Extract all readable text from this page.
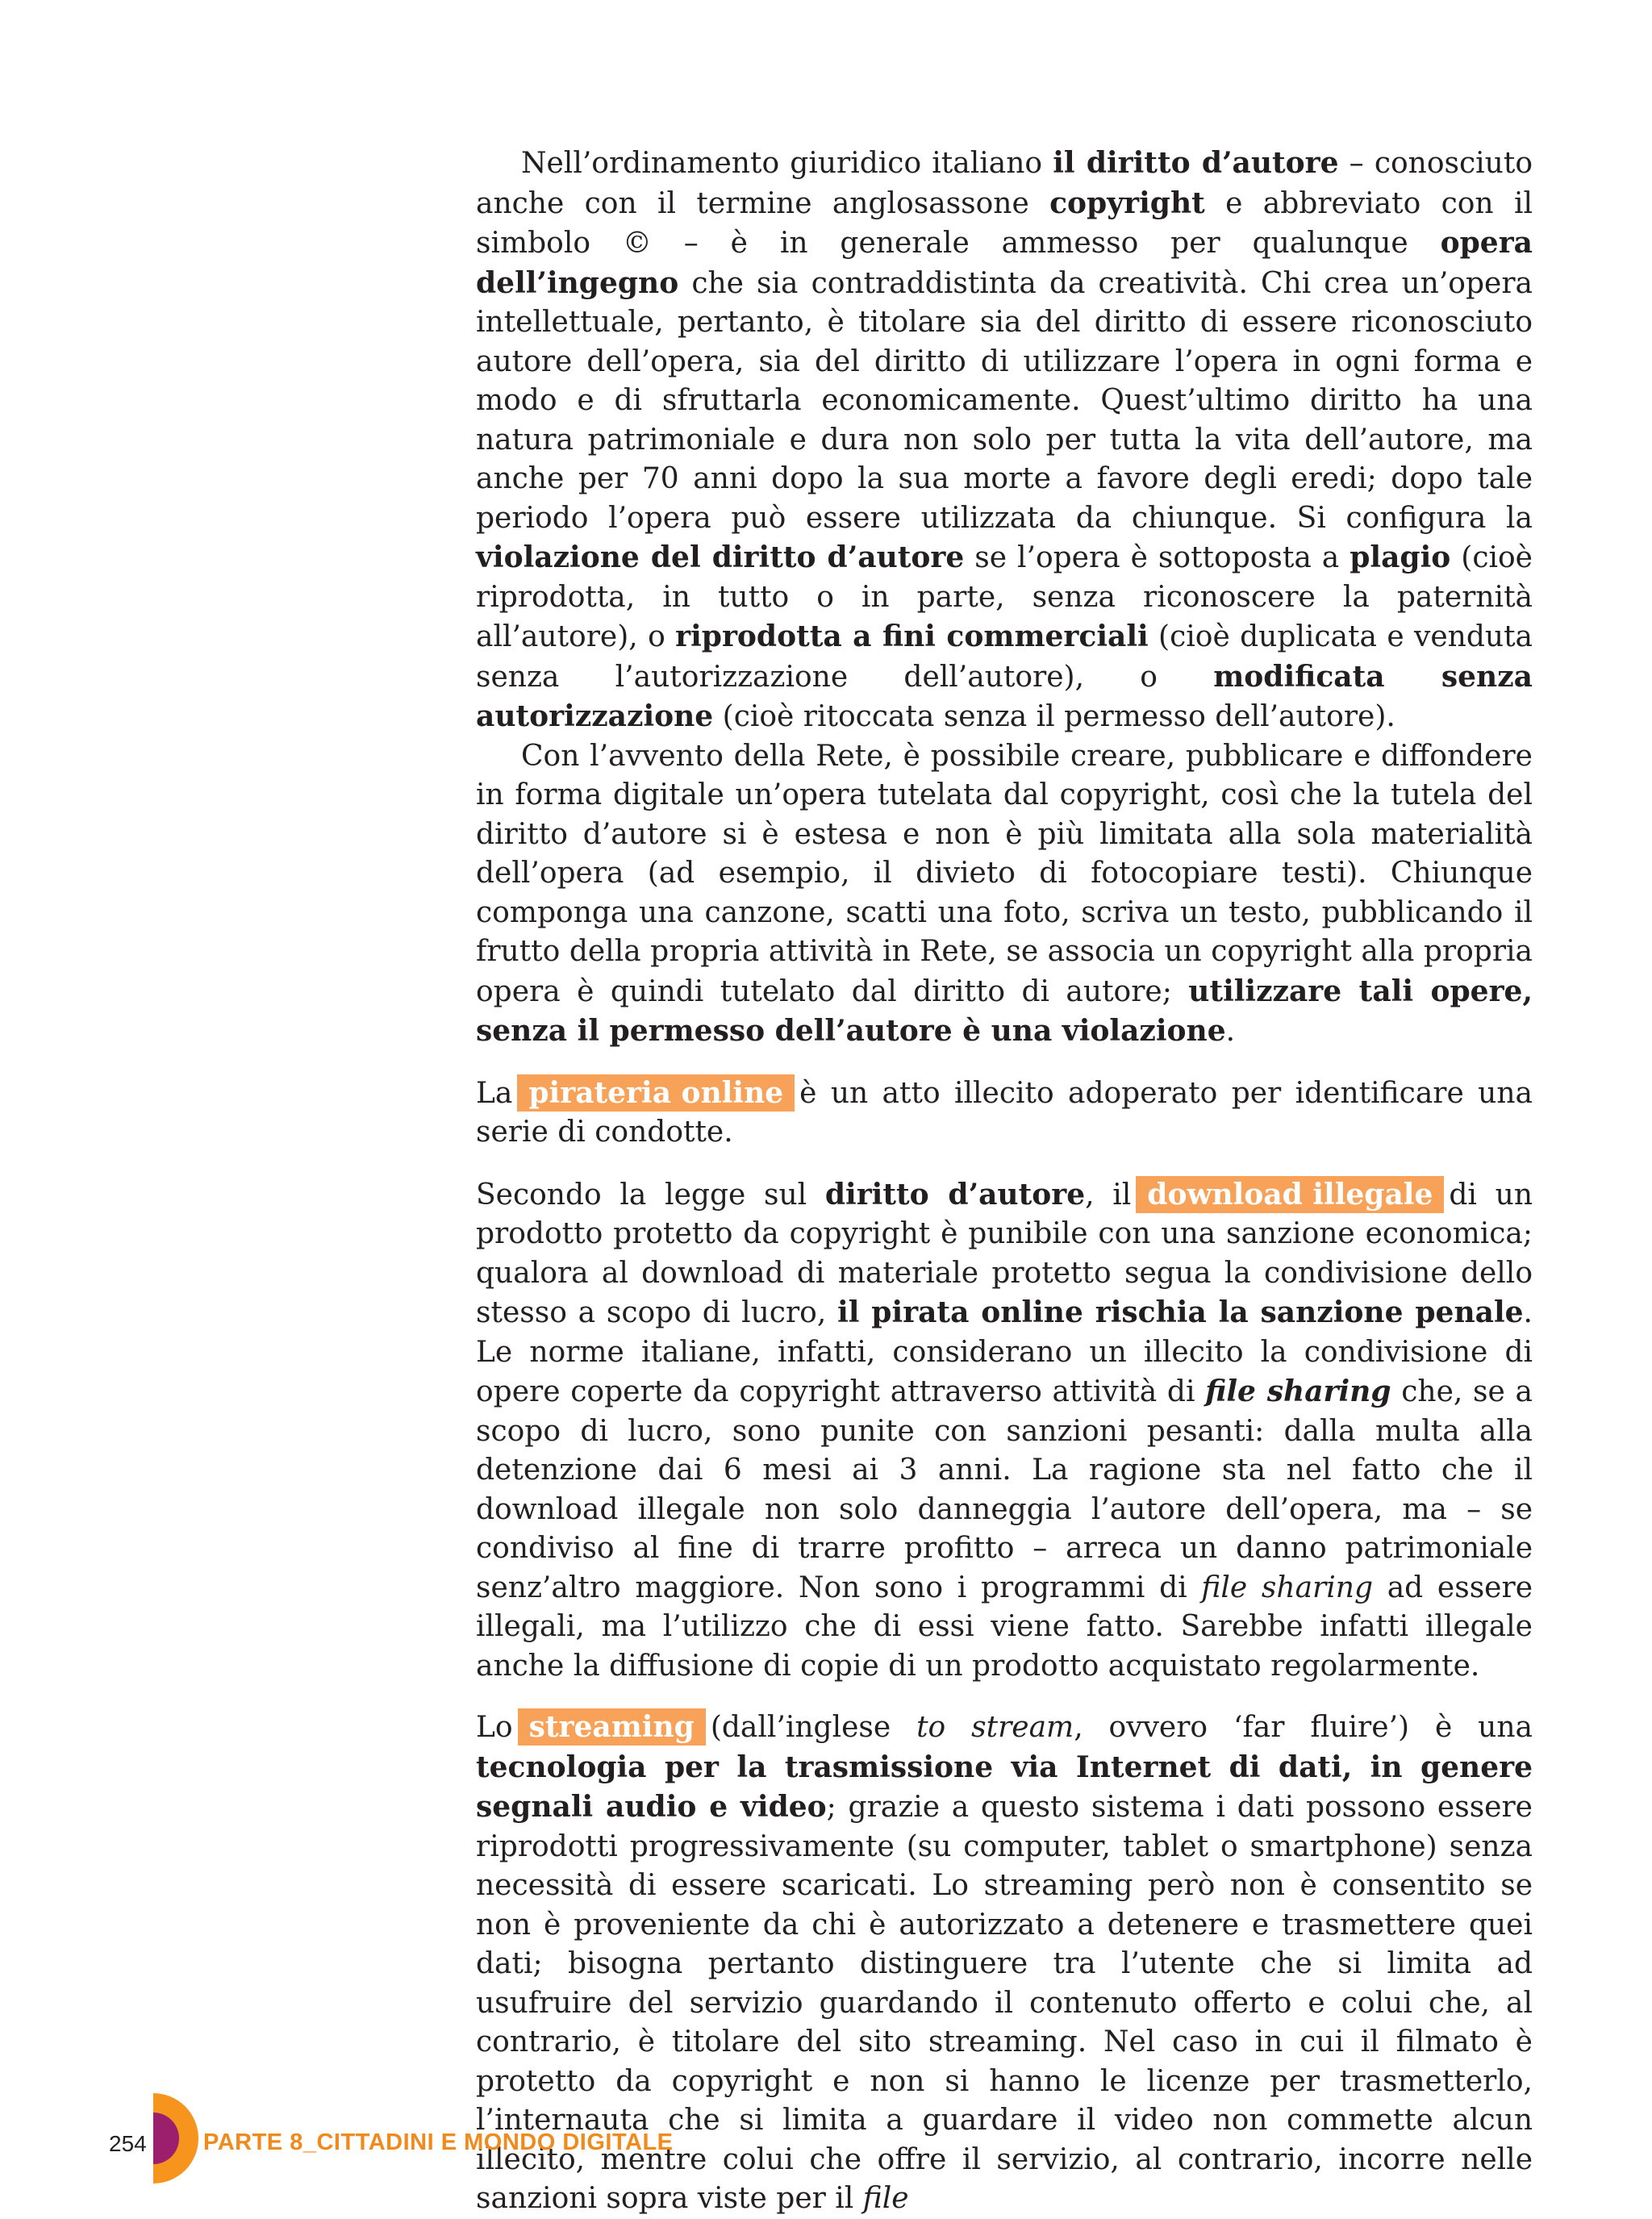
Nell’ordinamento giuridico italiano il diritto d’autore – conosciuto anche con il termine anglosassone copyright e abbreviato con il simbolo © – è in generale ammesso per qualunque opera dell’ingegno che sia contraddistinta da creatività. Chi crea un’opera intellettuale, pertanto, è titolare sia del diritto di essere riconosciuto autore dell’opera, sia del diritto di utilizzare l’opera in ogni forma e modo e di sfruttarla economicamente. Quest’ultimo diritto ha una natura patrimoniale e dura non solo per tutta la vita dell’autore, ma anche per 70 anni dopo la sua morte a favore degli eredi; dopo tale periodo l’opera può essere utilizzata da chiunque. Si configura la violazione del diritto d’autore se l’opera è sottoposta a plagio (cioè riprodotta, in tutto o in parte, senza riconoscere la paternità all’autore), o riprodotta a fini commerciali (cioè duplicata e venduta senza l’autorizzazione dell’autore), o modificata senza autorizzazione (cioè ritoccata senza il permesso dell’autore).

Con l’avvento della Rete, è possibile creare, pubblicare e diffondere in forma digitale un’opera tutelata dal copyright, così che la tutela del diritto d’autore si è estesa e non è più limitata alla sola materialità dell’opera (ad esempio, il divieto di fotocopiare testi). Chiunque componga una canzone, scatti una foto, scriva un testo, pubblicando il frutto della propria attività in Rete, se associa un copyright alla propria opera è quindi tutelato dal diritto di autore; utilizzare tali opere, senza il permesso dell’autore è una violazione.

La pirateria online è un atto illecito adoperato per identificare una serie di condotte.

Secondo la legge sul diritto d’autore, il download illegale di un prodotto protetto da copyright è punibile con una sanzione economica; qualora al download di materiale protetto segua la condivisione dello stesso a scopo di lucro, il pirata online rischia la sanzione penale. Le norme italiane, infatti, considerano un illecito la condivisione di opere coperte da copyright attraverso attività di file sharing che, se a scopo di lucro, sono punite con sanzioni pesanti: dalla multa alla detenzione dai 6 mesi ai 3 anni. La ragione sta nel fatto che il download illegale non solo danneggia l’autore dell’opera, ma – se condiviso al fine di trarre profitto – arreca un danno patrimoniale senz’altro maggiore. Non sono i programmi di file sharing ad essere illegali, ma l’utilizzo che di essi viene fatto. Sarebbe infatti illegale anche la diffusione di copie di un prodotto acquistato regolarmente.

Lo streaming (dall’inglese to stream, ovvero ‘far fluire’) è una tecnologia per la trasmissione via Internet di dati, in genere segnali audio e video; grazie a questo sistema i dati possono essere riprodotti progressivamente (su computer, tablet o smartphone) senza necessità di essere scaricati. Lo streaming però non è consentito se non è proveniente da chi è autorizzato a detenere e trasmettere quei dati; bisogna pertanto distinguere tra l’utente che si limita ad usufruire del servizio guardando il contenuto offerto e colui che, al contrario, è titolare del sito streaming. Nel caso in cui il filmato è protetto da copyright e non si hanno le licenze per trasmetterlo, l’internauta che si limita a guardare il video non commette alcun illecito, mentre colui che offre il servizio, al contrario, incorre nelle sanzioni sopra viste per il file

254 PARTE 8_CITTADINI E MONDO DIGITALE
